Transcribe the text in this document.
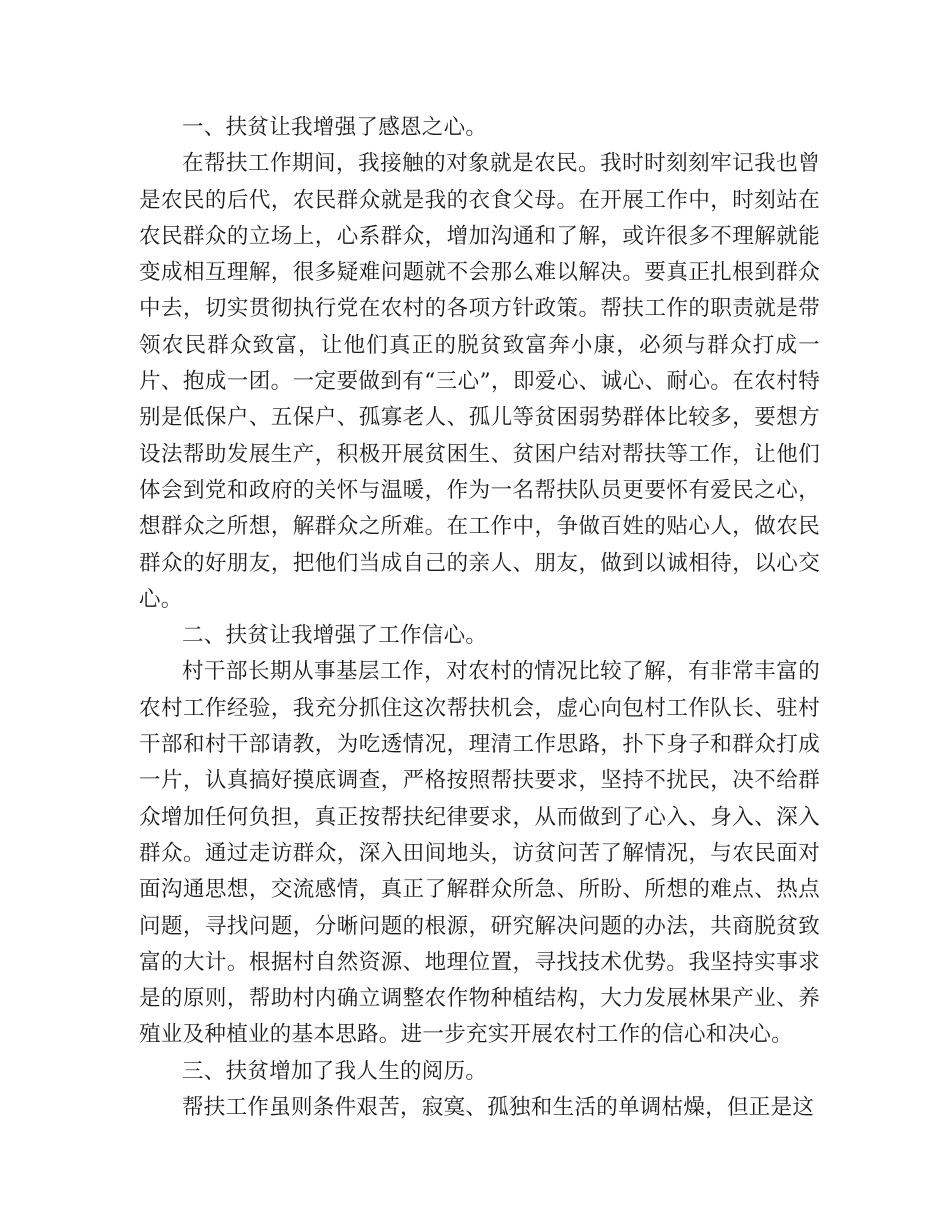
一、扶贫让我增强了感恩之心。

在帮扶工作期间，我接触的对象就是农民。我时时刻刻牢记我也曾是农民的后代，农民群众就是我的衣食父母。在开展工作中，时刻站在农民群众的立场上，心系群众，增加沟通和了解，或许很多不理解就能变成相互理解，很多疑难问题就不会那么难以解决。要真正扎根到群众中去，切实贯彻执行党在农村的各项方针政策。帮扶工作的职责就是带领农民群众致富，让他们真正的脱贫致富奔小康，必须与群众打成一片、抱成一团。一定要做到有“三心”，即爱心、诚心、耐心。在农村特别是低保户、五保户、孤寡老人、孤儿等贫困弱势群体比较多，要想方设法帮助发展生产，积极开展贫困生、贫困户结对帮扶等工作，让他们体会到党和政府的关怀与温暖，作为一名帮扶队员更要怀有爱民之心，想群众之所想，解群众之所难。在工作中，争做百姓的贴心人，做农民群众的好朋友，把他们当成自己的亲人、朋友，做到以诚相待，以心交心。

二、扶贫让我增强了工作信心。

村干部长期从事基层工作，对农村的情况比较了解，有非常丰富的农村工作经验，我充分抓住这次帮扶机会，虚心向包村工作队长、驻村干部和村干部请教，为吃透情况，理清工作思路，扑下身子和群众打成一片，认真搞好摸底调查，严格按照帮扶要求，坚持不扰民，决不给群众增加任何负担，真正按帮扶纪律要求，从而做到了心入、身入、深入群众。通过走访群众，深入田间地头，访贫问苦了解情况，与农民面对面沟通思想，交流感情，真正了解群众所急、所盼、所想的难点、热点问题，寻找问题，分晰问题的根源，研究解决问题的办法，共商脱贫致富的大计。根据村自然资源、地理位置，寻找技术优势。我坚持实事求是的原则，帮助村内确立调整农作物种植结构，大力发展林果产业、养殖业及种植业的基本思路。进一步充实开展农村工作的信心和决心。

三、扶贫增加了我人生的阅历。

帮扶工作虽则条件艰苦，寂寞、孤独和生活的单调枯燥，但正是这
